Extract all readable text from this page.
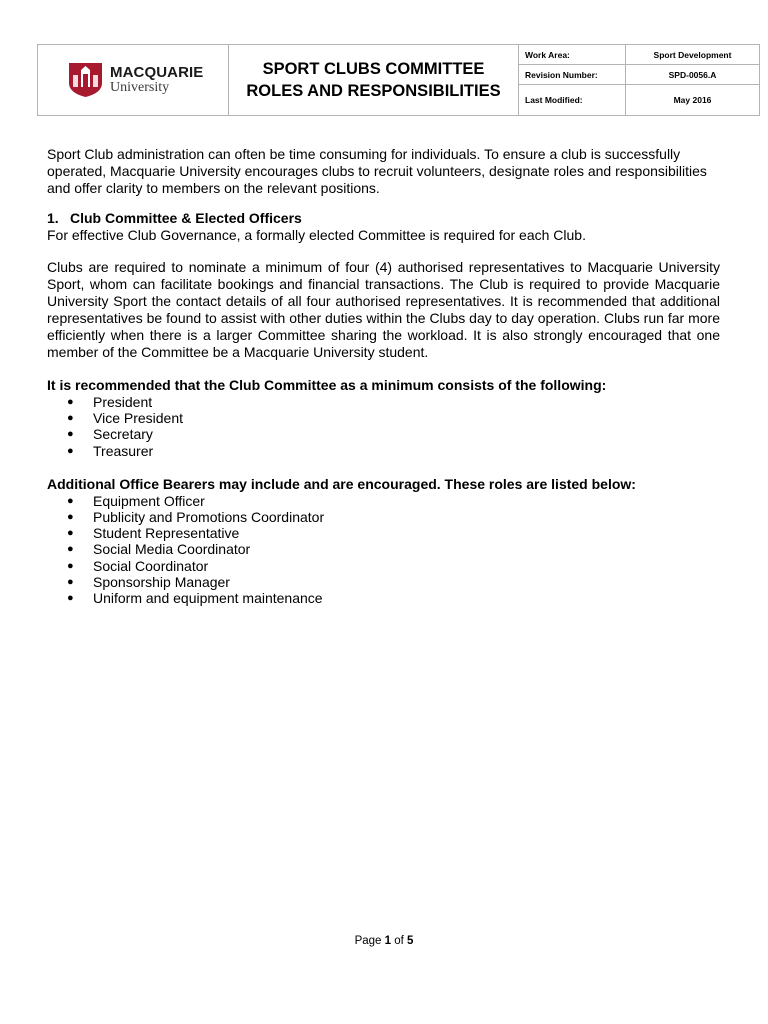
MACQUARIE
University
SPORT CLUBS COMMITTEE
ROLES AND RESPONSIBILITIES
Work Area:	Sport Development
Revision Number:	SPD-0056.A
Last Modified:	May 2016

Sport Club administration can often be time consuming for individuals. To ensure a club is successfully operated, Macquarie University encourages clubs to recruit volunteers, designate roles and responsibilities and offer clarity to members on the relevant positions.

1. Club Committee & Elected Officers

For effective Club Governance, a formally elected Committee is required for each Club.

Clubs are required to nominate a minimum of four (4) authorised representatives to Macquarie University Sport, whom can facilitate bookings and financial transactions. The Club is required to provide Macquarie University Sport the contact details of all four authorised representatives. It is recommended that additional representatives be found to assist with other duties within the Clubs day to day operation. Clubs run far more efficiently when there is a larger Committee sharing the workload. It is also strongly encouraged that one member of the Committee be a Macquarie University student.

It is recommended that the Club Committee as a minimum consists of the following:

●	President
●	Vice President
●	Secretary
●	Treasurer

Additional Office Bearers may include and are encouraged. These roles are listed below:

●	Equipment Officer
●	Publicity and Promotions Coordinator
●	Student Representative
●	Social Media Coordinator
●	Social Coordinator
●	Sponsorship Manager
●	Uniform and equipment maintenance
Page 1 of 5
